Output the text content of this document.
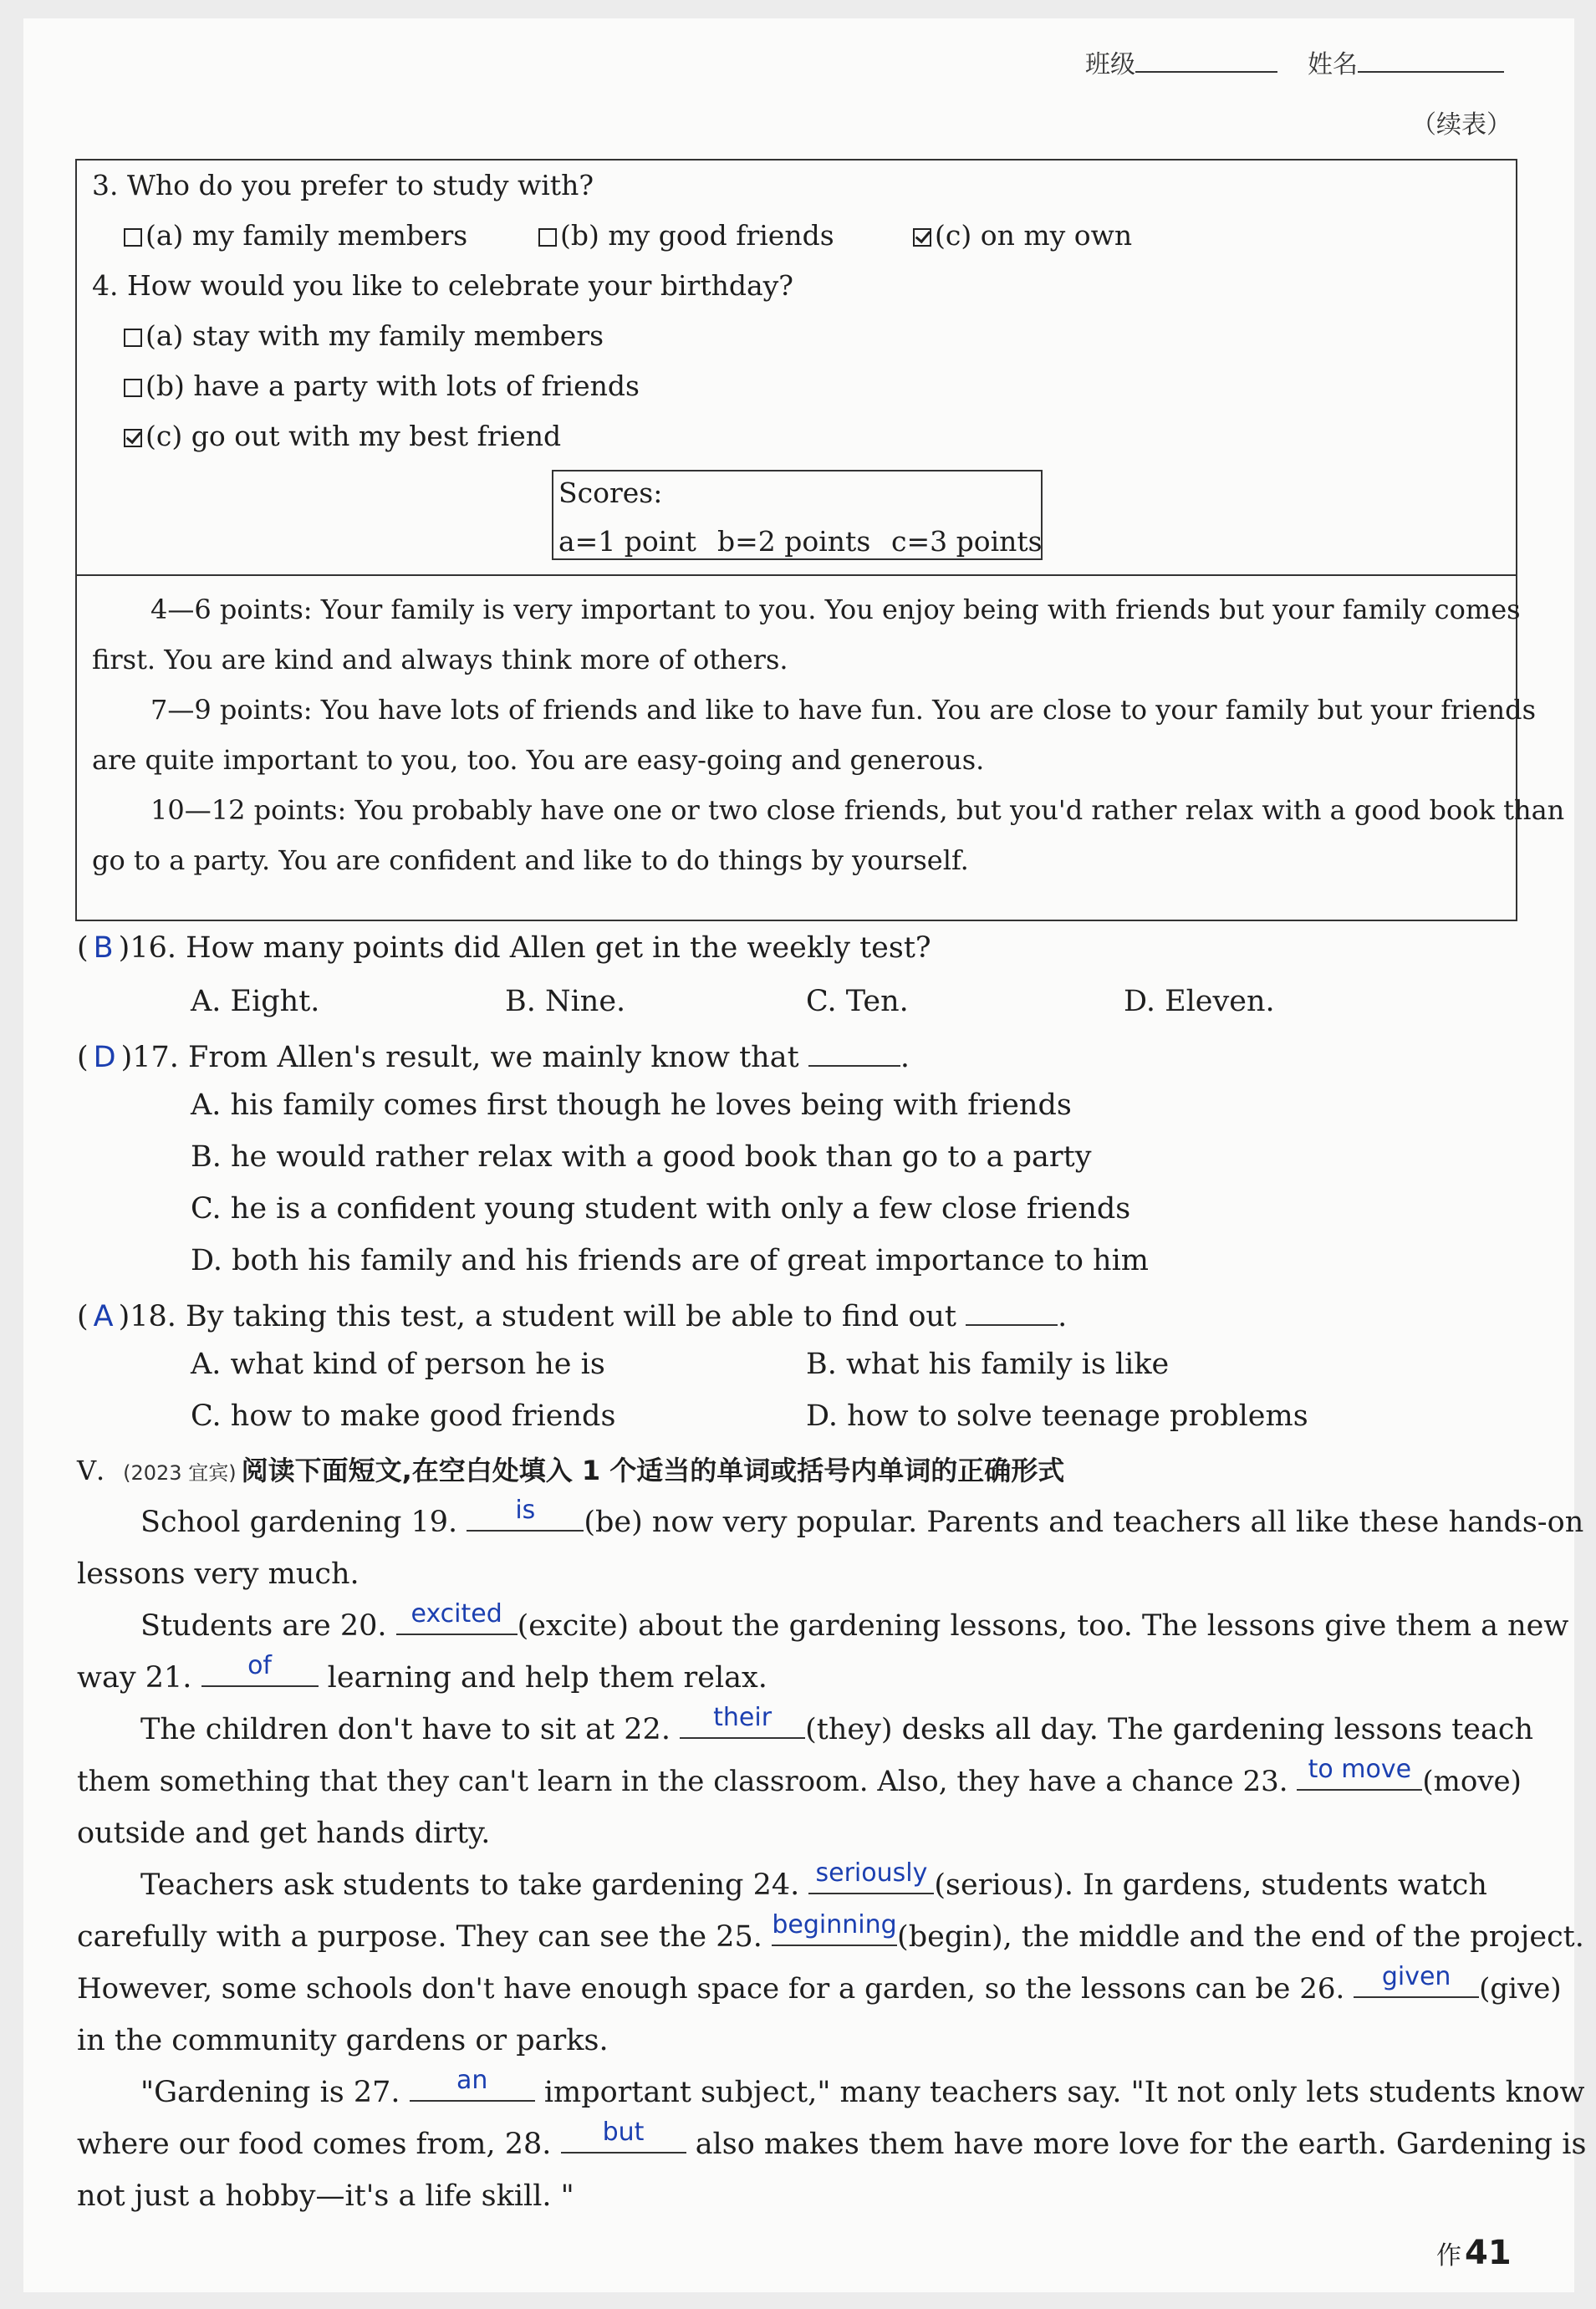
班级	姓名
（续表）
3. Who do you prefer to study with?
(a) my family members	(b) my good friends	(c) on my own
4. How would you like to celebrate your birthday?
(a) stay with my family members
(b) have a party with lots of friends
(c) go out with my best friend
Scores:
a=1 point b=2 points c=3 points
4—6 points: Your family is very important to you. You enjoy being with friends but your family comes
first. You are kind and always think more of others.
7—9 points: You have lots of friends and like to have fun. You are close to your family but your friends
are quite important to you, too. You are easy-going and generous.
10—12 points: You probably have one or two close friends, but you'd rather relax with a good book than
go to a party. You are confident and like to do things by yourself.
( B )16. How many points did Allen get in the weekly test?
A. Eight.	B. Nine.	C. Ten.	D. Eleven.
( D )17. From Allen's result, we mainly know that	.
A. his family comes first though he loves being with friends
B. he would rather relax with a good book than go to a party
C. he is a confident young student with only a few close friends
D. both his family and his friends are of great importance to him
( A )18. By taking this test, a student will be able to find out	.
A. what kind of person he is	B. what his family is like
C. how to make good friends	D. how to solve teenage problems
V．(2023 宜宾) 阅读下面短文,在空白处填入 1 个适当的单词或括号内单词的正确形式
School gardening 19.	is	(be) now very popular. Parents and teachers all like these hands-on
lessons very much.
Students are 20. excited (excite) about the gardening lessons, too. The lessons give them a new
way 21.	of	learning and help them relax.
The children don't have to sit at 22.	their	(they) desks all day. The gardening lessons teach
them something that they can't learn in the classroom. Also, they have a chance 23. to move (move)
outside and get hands dirty.
Teachers ask students to take gardening 24. seriously (serious). In gardens, students watch
carefully with a purpose. They can see the 25. beginning (begin), the middle and the end of the project.
However, some schools don't have enough space for a garden, so the lessons can be 26.	given (give)
in the community gardens or parks.
"Gardening is 27.	an	important subject," many teachers say. "It not only lets students know
where our food comes from, 28.	but	also makes them have more love for the earth. Gardening is
not just a hobby—it's a life skill. "
作 41
